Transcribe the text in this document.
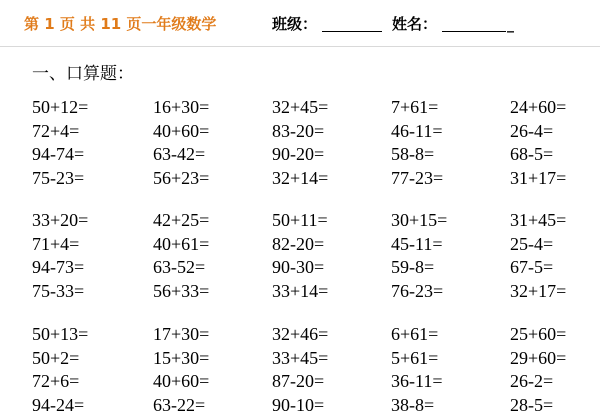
第 1 页 共 11 页一年级数学	班级：	姓名：	_
一、口算题：
50+12=	16+30=	32+45=	7+61=	24+60=
72+4=	40+60=	83-20=	46-11=	26-4=
94-74=	63-42=	90-20=	58-8=	68-5=
75-23=	56+23=	32+14=	77-23=	31+17=
33+20=	42+25=	50+11=	30+15=	31+45=
71+4=	40+61=	82-20=	45-11=	25-4=
94-73=	63-52=	90-30=	59-8=	67-5=
75-33=	56+33=	33+14=	76-23=	32+17=
50+13=	17+30=	32+46=	6+61=	25+60=
50+2=	15+30=	33+45=	5+61=	29+60=
72+6=	40+60=	87-20=	36-11=	26-2=
94-24=	63-22=	90-10=	38-8=	28-5=
